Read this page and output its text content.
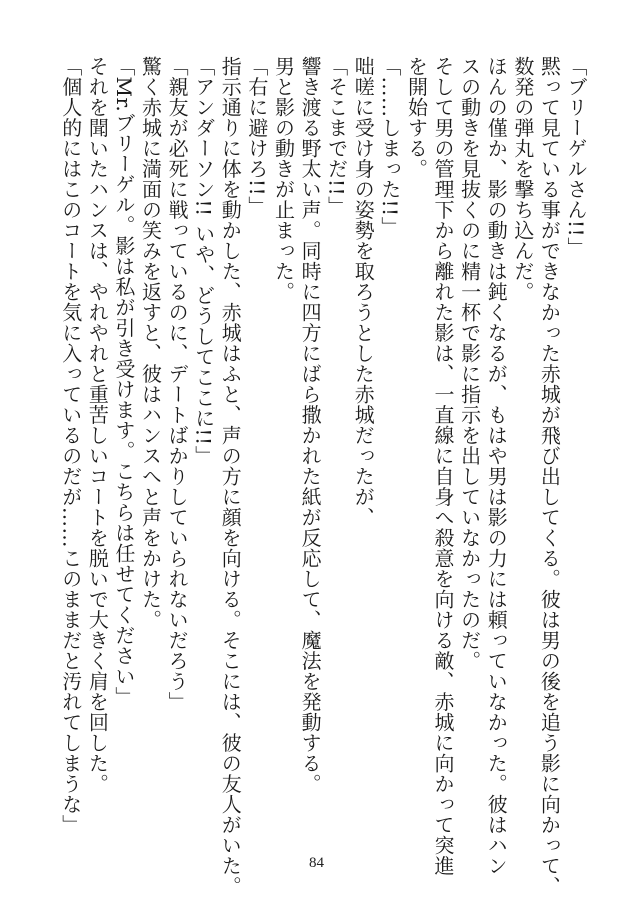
「ブリーゲルさん!!」
黙って見ている事ができなかった赤城が飛び出してくる。彼は男の後を追う影に向かって、
数発の弾丸を撃ち込んだ。
ほんの僅か、影の動きは鈍くなるが、もはや男は影の力には頼っていなかった。彼はハン
スの動きを見抜くのに精一杯で影に指示を出していなかったのだ。
そして男の管理下から離れた影は、一直線に自身へ殺意を向ける敵、赤城に向かって突進
を開始する。
「……しまった!!」
咄嗟に受け身の姿勢を取ろうとした赤城だったが、
「そこまでだ!!」
響き渡る野太い声。同時に四方にばら撒かれた紙が反応して、魔法を発動する。
男と影の動きが止まった。
「右に避けろ!!」
指示通りに体を動かした、赤城はふと、声の方に顔を向ける。そこには、彼の友人がいた。
「アンダーソン!! いや、どうしてここに!!」
「親友が必死に戦っているのに、デートばかりしていられないだろう」
驚く赤城に満面の笑みを返すと、彼はハンスへと声をかけた。
「Mr.ブリーゲル。影は私が引き受けます。こちらは任せてください」
それを聞いたハンスは、やれやれと重苦しいコートを脱いで大きく肩を回した。
「個人的にはこのコートを気に入っているのだが……このままだと汚れてしまうな」
84
